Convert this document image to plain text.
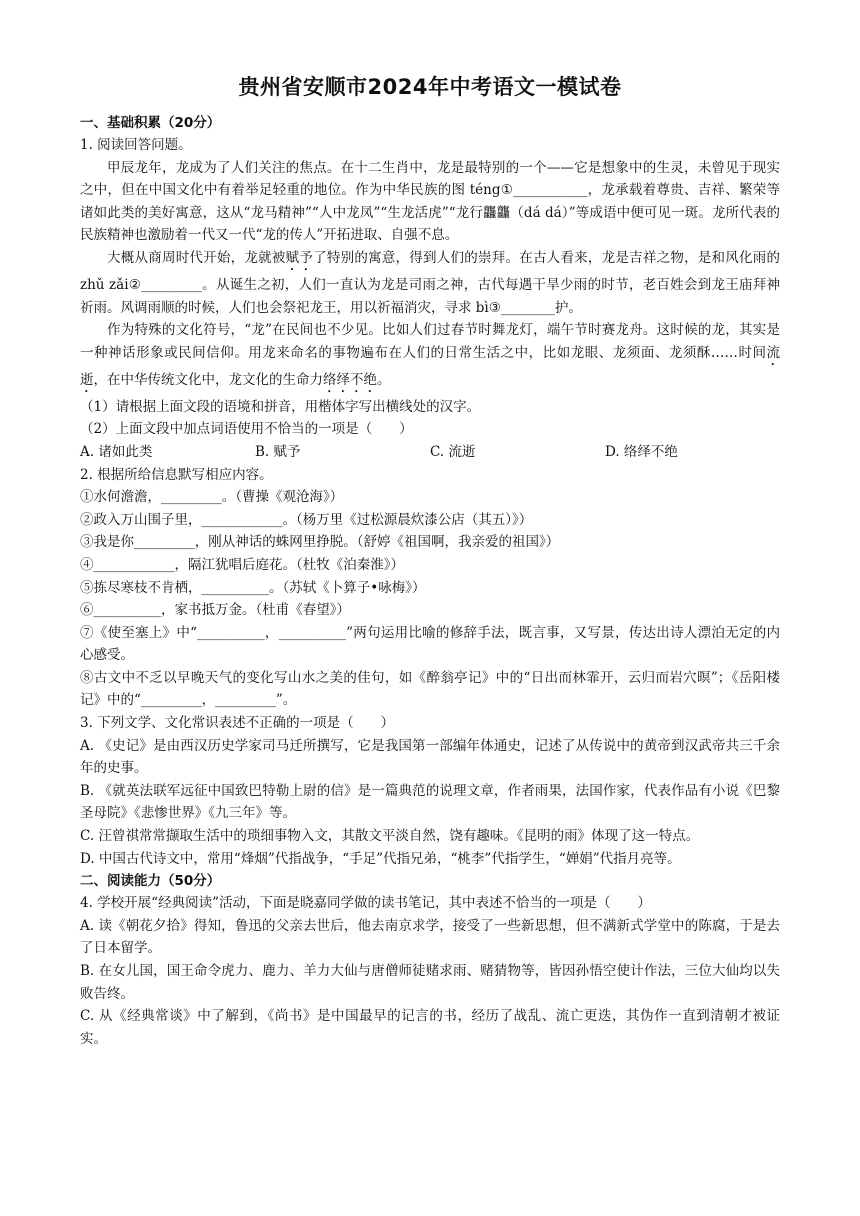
贵州省安顺市2024年中考语文一模试卷
一、基础积累（20分）

1. 阅读回答问题。

甲辰龙年，龙成为了人们关注的焦点。在十二生肖中，龙是最特别的一个——它是想象中的生灵，未曾见于现实之中，但在中国文化中有着举足轻重的地位。作为中华民族的图 téng①___________，龙承载着尊贵、吉祥、繁荣等诸如此类的美好寓意，这从“龙马精神”“人中龙凤”“生龙活虎”“龙行龘龘（dá dá）”等成语中便可见一斑。龙所代表的民族精神也激励着一代又一代“龙的传人”开拓进取、自强不息。

大概从商周时代开始，龙就被赋予了特别的寓意，得到人们的崇拜。在古人看来，龙是吉祥之物，是和风化雨的 zhǔ zǎi②_________。从诞生之初，人们一直认为龙是司雨之神，古代每遇干旱少雨的时节，老百姓会到龙王庙拜神祈雨。风调雨顺的时候，人们也会祭祀龙王，用以祈福消灾，寻求 bì③________护。

作为特殊的文化符号，“龙”在民间也不少见。比如人们过春节时舞龙灯，端午节时赛龙舟。这时候的龙，其实是一种神话形象或民间信仰。用龙来命名的事物遍布在人们的日常生活之中，比如龙眼、龙须面、龙须酥……时间流逝，在中华传统文化中，龙文化的生命力络绎不绝。

（1）请根据上面文段的语境和拼音，用楷体字写出横线处的汉字。

（2）上面文段中加点词语使用不恰当的一项是（　　）

A. 诸如此类	B. 赋予	C. 流逝	D. 络绎不绝

2. 根据所给信息默写相应内容。

①水何澹澹，_________。（曹操《观沧海》）

②政入万山围子里，____________。（杨万里《过松源晨炊漆公店（其五）》）

③我是你_________，刚从神话的蛛网里挣脱。（舒婷《祖国啊，我亲爱的祖国》）

④____________，隔江犹唱后庭花。（杜牧《泊秦淮》）

⑤拣尽寒枝不肯栖，__________。（苏轼《卜算子•咏梅》）

⑥__________，家书抵万金。（杜甫《春望》）

⑦《使至塞上》中“__________，__________”两句运用比喻的修辞手法，既言事，又写景，传达出诗人漂泊无定的内心感受。

⑧古文中不乏以早晚天气的变化写山水之美的佳句，如《醉翁亭记》中的“日出而林霏开，云归而岩穴暝”；《岳阳楼记》中的“_________，_________”。

3. 下列文学、文化常识表述不正确的一项是（　　）

A. 《史记》是由西汉历史学家司马迁所撰写，它是我国第一部编年体通史，记述了从传说中的黄帝到汉武帝共三千余年的史事。

B. 《就英法联军远征中国致巴特勒上尉的信》是一篇典范的说理文章，作者雨果，法国作家，代表作品有小说《巴黎圣母院》《悲惨世界》《九三年》等。

C. 汪曾祺常常撷取生活中的琐细事物入文，其散文平淡自然，饶有趣味。《昆明的雨》体现了这一特点。

D. 中国古代诗文中，常用“烽烟”代指战争，“手足”代指兄弟，“桃李”代指学生，“婵娟”代指月亮等。

二、阅读能力（50分）

4. 学校开展“经典阅读”活动，下面是晓嘉同学做的读书笔记，其中表述不恰当的一项是（　　）

A. 读《朝花夕拾》得知，鲁迅的父亲去世后，他去南京求学，接受了一些新思想，但不满新式学堂中的陈腐，于是去了日本留学。

B. 在女儿国，国王命令虎力、鹿力、羊力大仙与唐僧师徒赌求雨、赌猜物等，皆因孙悟空使计作法，三位大仙均以失败告终。

C. 从《经典常谈》中了解到，《尚书》是中国最早的记言的书，经历了战乱、流亡更迭，其伪作一直到清朝才被证实。
